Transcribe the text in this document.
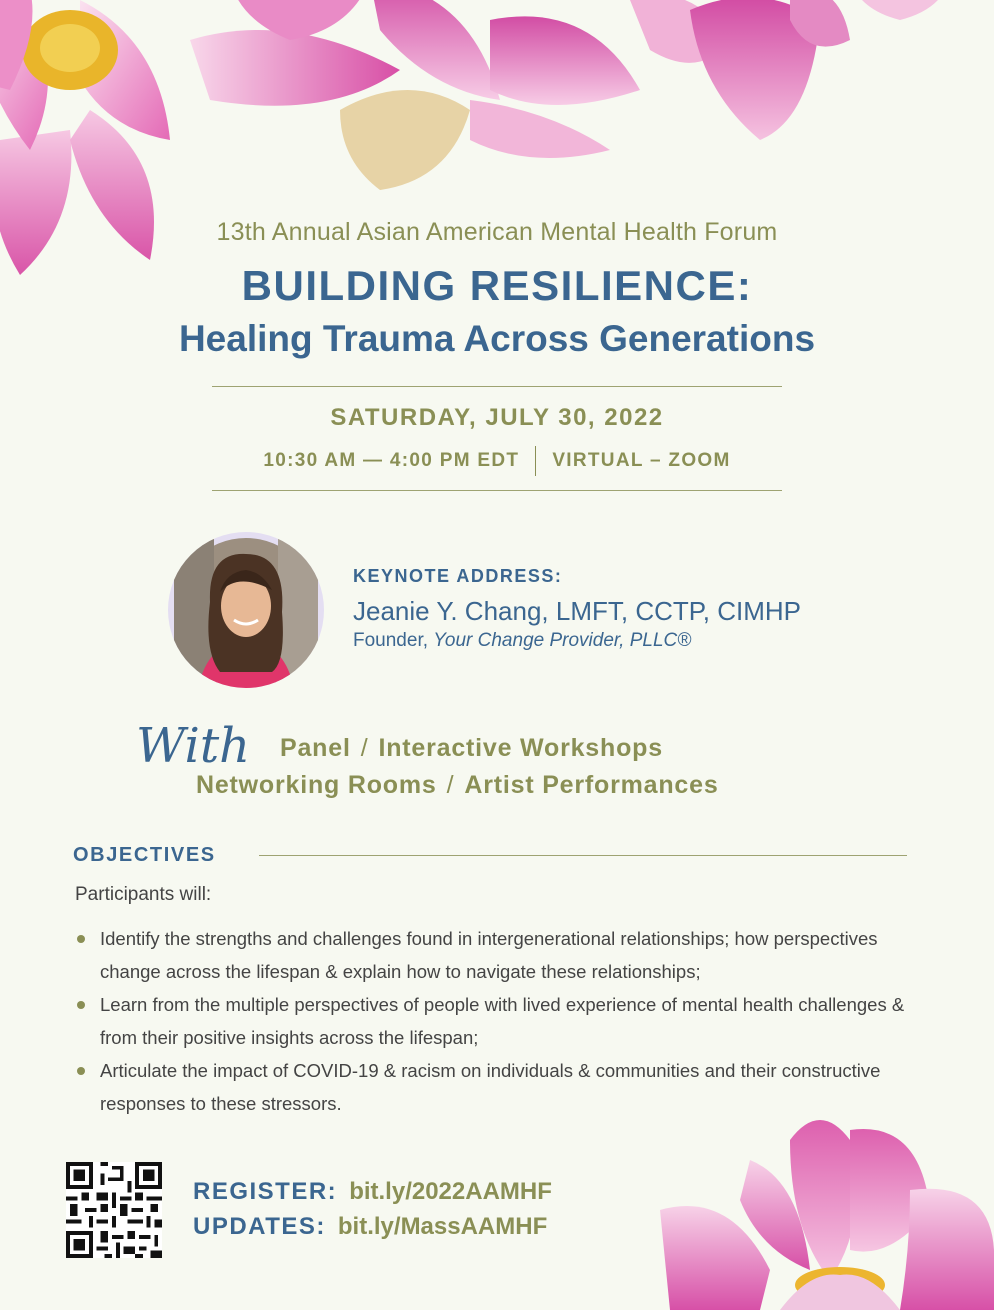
13th Annual Asian American Mental Health Forum
BUILDING RESILIENCE:
Healing Trauma Across Generations
SATURDAY, JULY 30, 2022
10:30 AM — 4:00 PM EDT VIRTUAL – ZOOM
KEYNOTE ADDRESS:
Jeanie Y. Chang, LMFT, CCTP, CIMHP
Founder, Your Change Provider, PLLC®
With Panel / Interactive Workshops
Networking Rooms / Artist Performances
OBJECTIVES
Participants will:
Identify the strengths and challenges found in intergenerational relationships; how perspectives change across the lifespan & explain how to navigate these relationships;
Learn from the multiple perspectives of people with lived experience of mental health challenges & from their positive insights across the lifespan;
Articulate the impact of COVID-19 & racism on individuals & communities and their constructive responses to these stressors.
REGISTER: bit.ly/2022AAMHF
UPDATES: bit.ly/MassAAMHF
